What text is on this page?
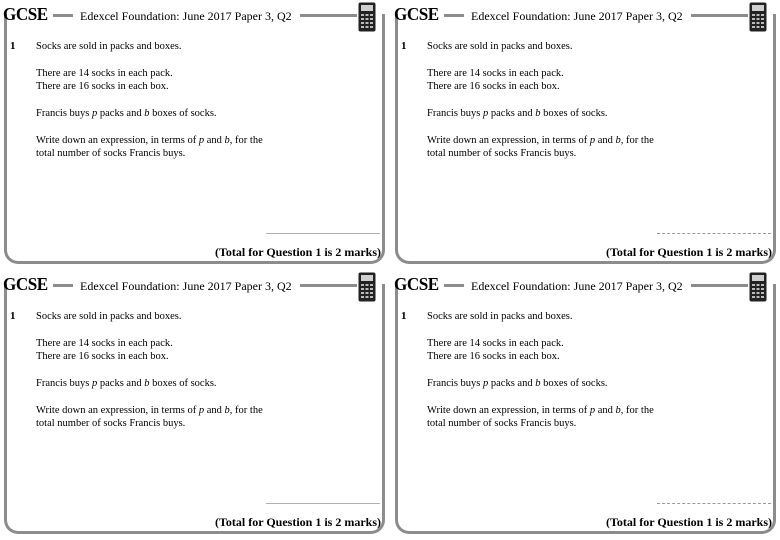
GCSE	Edexcel Foundation: June 2017 Paper 3, Q2
1 Socks are sold in packs and boxes.

There are 14 socks in each pack.

There are 16 socks in each box.

Francis buys p packs and b boxes of socks.

Write down an expression, in terms of p and b, for the

total number of socks Francis buys.

(Total for Question 1 is 2 marks)
GCSE	Edexcel Foundation: June 2017 Paper 3, Q2
1 Socks are sold in packs and boxes.

There are 14 socks in each pack.

There are 16 socks in each box.

Francis buys p packs and b boxes of socks.

Write down an expression, in terms of p and b, for the

total number of socks Francis buys.

(Total for Question 1 is 2 marks)
GCSE	Edexcel Foundation: June 2017 Paper 3, Q2
1 Socks are sold in packs and boxes.

There are 14 socks in each pack.

There are 16 socks in each box.

Francis buys p packs and b boxes of socks.

Write down an expression, in terms of p and b, for the

total number of socks Francis buys.

(Total for Question 1 is 2 marks)
GCSE	Edexcel Foundation: June 2017 Paper 3, Q2
1 Socks are sold in packs and boxes.

There are 14 socks in each pack.

There are 16 socks in each box.

Francis buys p packs and b boxes of socks.

Write down an expression, in terms of p and b, for the

total number of socks Francis buys.

(Total for Question 1 is 2 marks)
